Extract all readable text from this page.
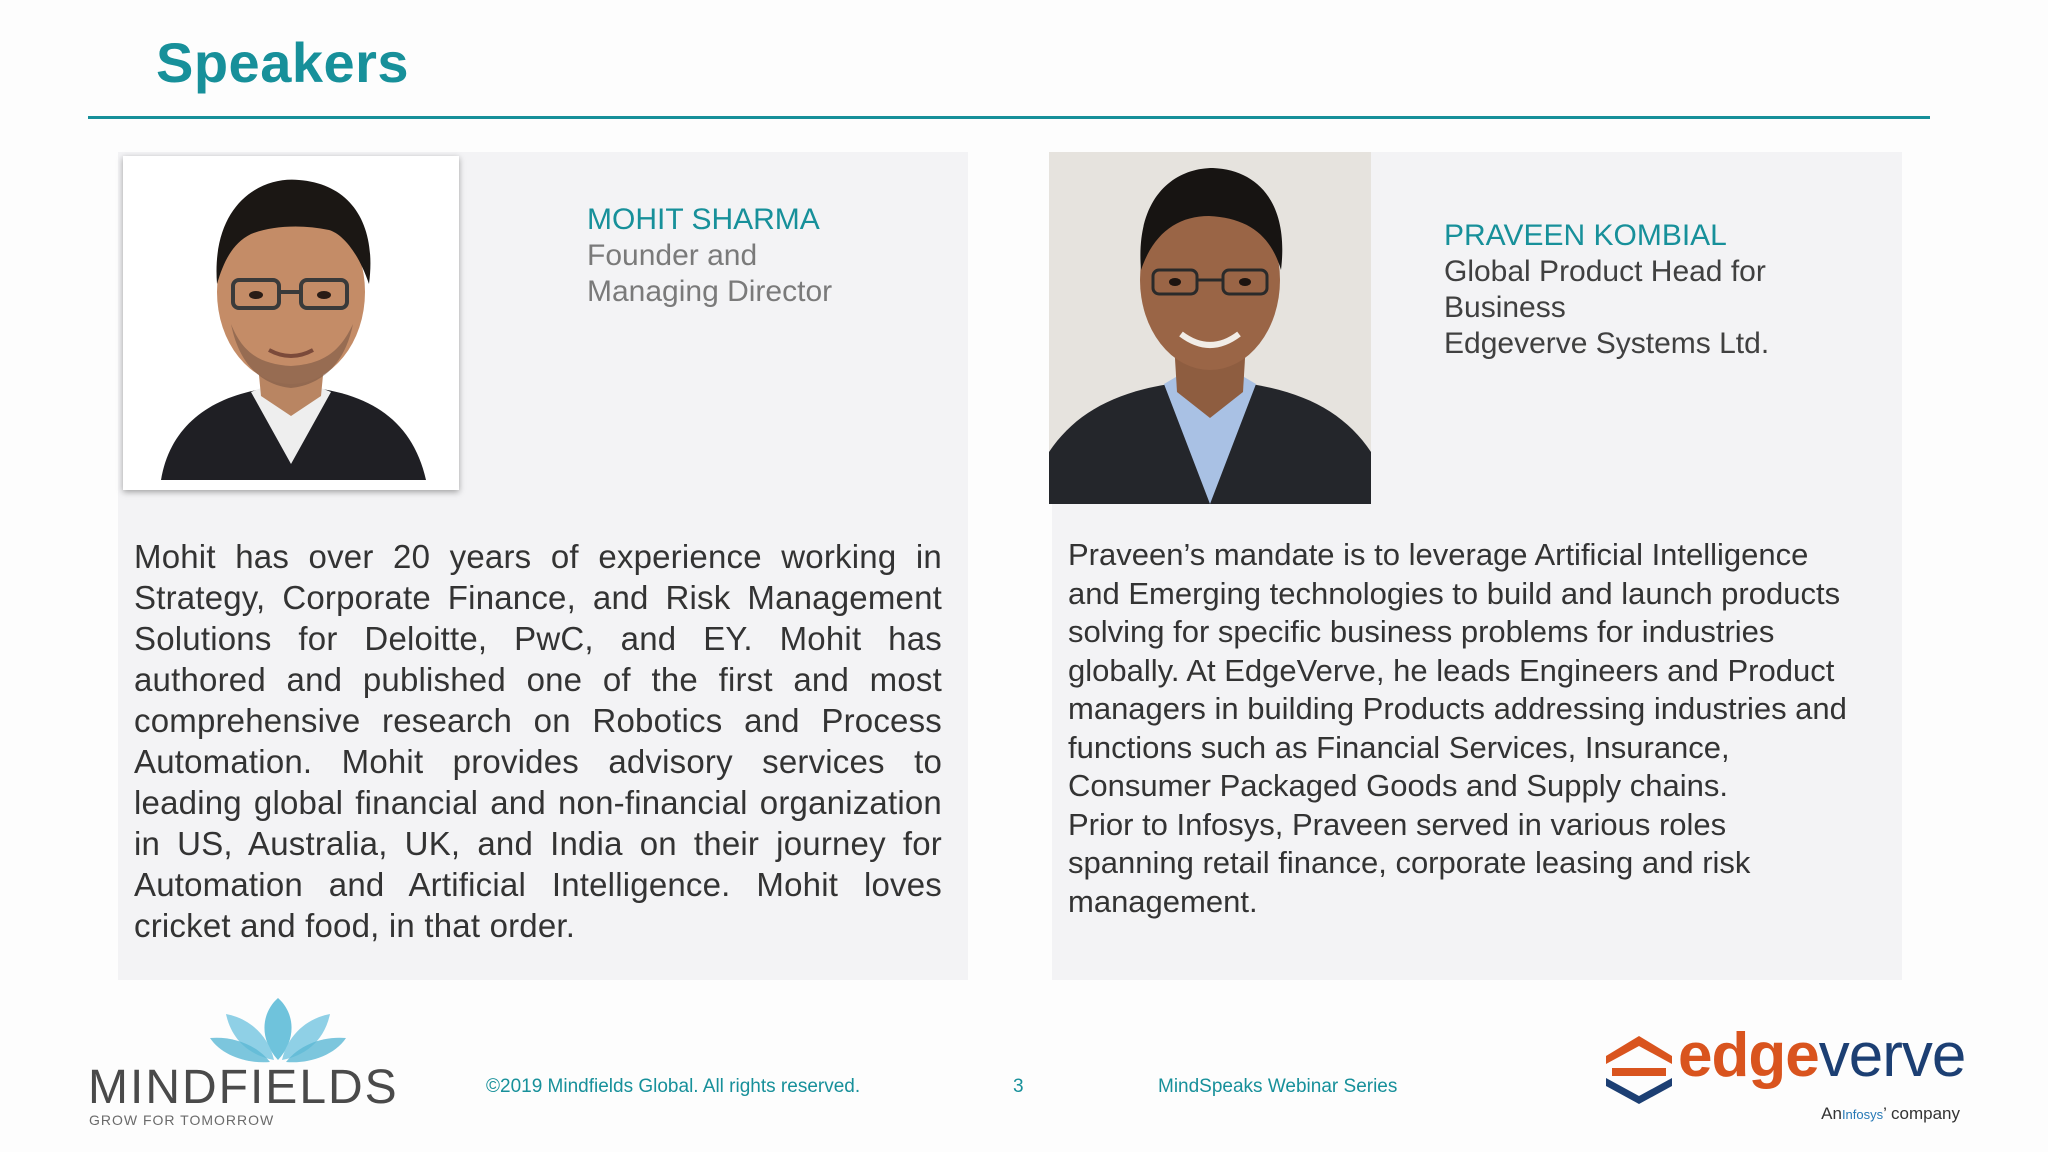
Speakers
MOHIT SHARMA
Founder and
Managing Director
Mohit has over 20 years of experience working in Strategy, Corporate Finance, and Risk Management Solutions for Deloitte, PwC, and EY. Mohit has authored and published one of the first and most comprehensive research on Robotics and Process Automation. Mohit provides advisory services to leading global financial and non-financial organization in US, Australia, UK, and India on their journey for Automation and Artificial Intelligence. Mohit loves cricket and food, in that order.
PRAVEEN KOMBIAL
Global Product Head for
Business
Edgeverve Systems Ltd.
Praveen’s mandate is to leverage Artificial Intelligence
and Emerging technologies to build and launch products
solving for specific business problems for industries
globally. At EdgeVerve, he leads Engineers and Product
managers in building Products addressing industries and
functions such as Financial Services, Insurance,
Consumer Packaged Goods and Supply chains.
Prior to Infosys, Praveen served in various roles
spanning retail finance, corporate leasing and risk
management.
MINDFIELDS
GROW FOR TOMORROW
©2019 Mindfields Global. All rights reserved.	3	MindSpeaks Webinar Series	edgeverve
AnInfosys’ company
